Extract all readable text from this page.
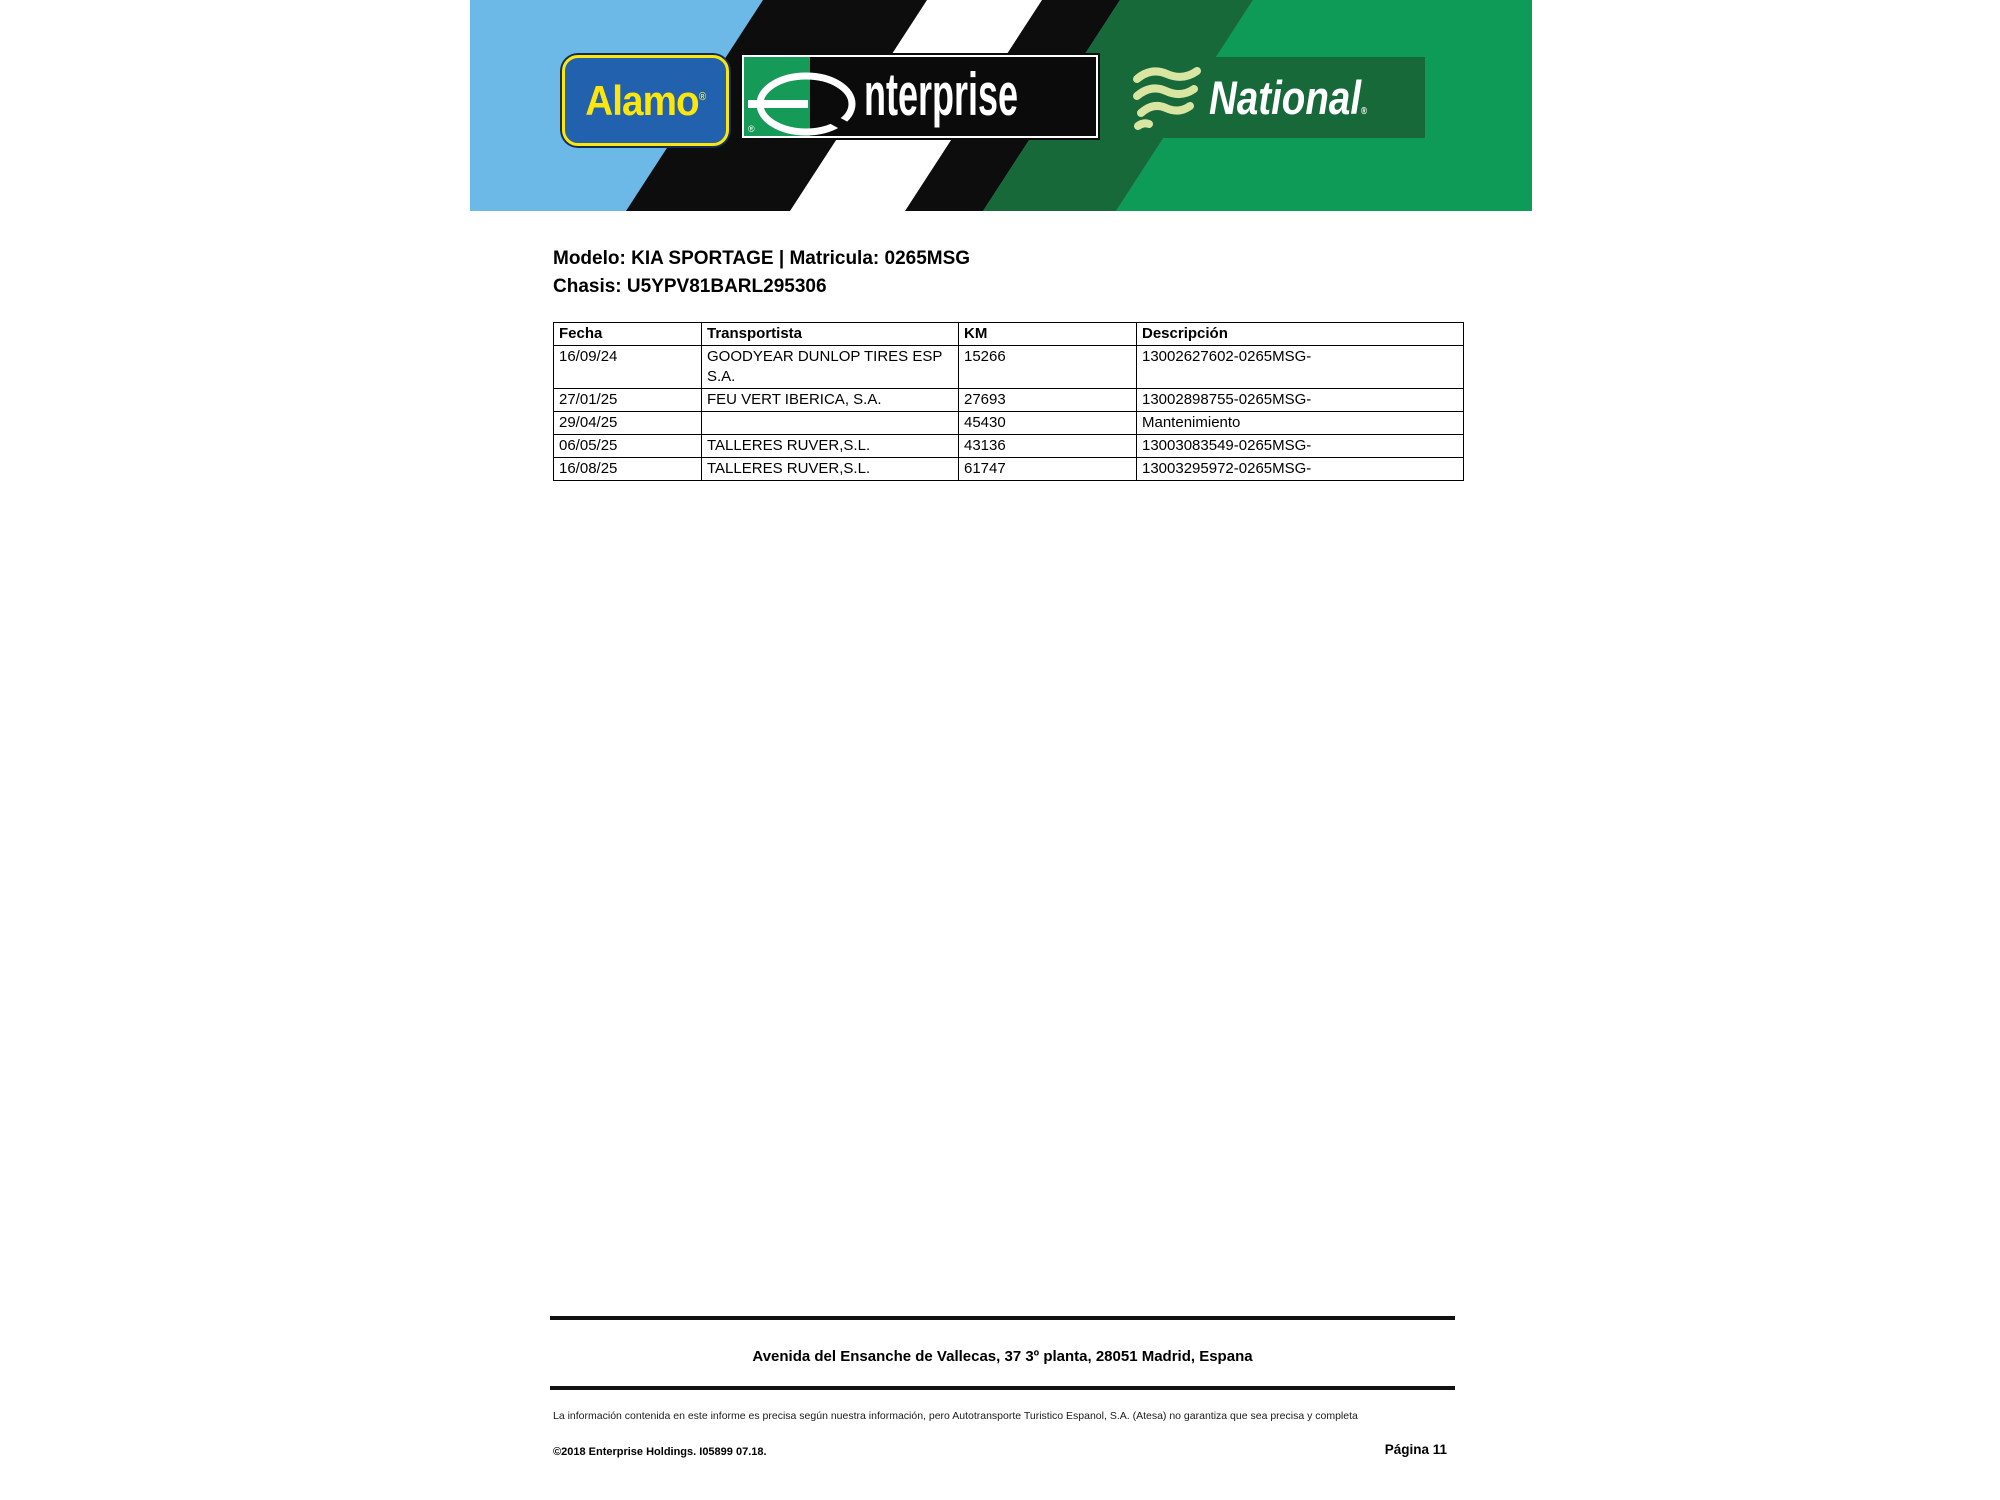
Alamo®
®
nterprise	National®
Modelo: KIA SPORTAGE | Matricula: 0265MSG
Chasis: U5YPV81BARL295306
Fecha	Transportista	KM	Descripción
16/09/24	GOODYEAR DUNLOP TIRES ESP S.A.	15266	13002627602-0265MSG-
27/01/25	FEU VERT IBERICA, S.A.	27693	13002898755-0265MSG-
29/04/25		45430	Mantenimiento
06/05/25	TALLERES RUVER,S.L.	43136	13003083549-0265MSG-
16/08/25	TALLERES RUVER,S.L.	61747	13003295972-0265MSG-
Avenida del Ensanche de Vallecas, 37 3º planta, 28051 Madrid, Espana
La información contenida en este informe es precisa según nuestra información, pero Autotransporte Turistico Espanol, S.A. (Atesa) no garantiza que sea precisa y completa
©2018 Enterprise Holdings. I05899 07.18.	Página 11
